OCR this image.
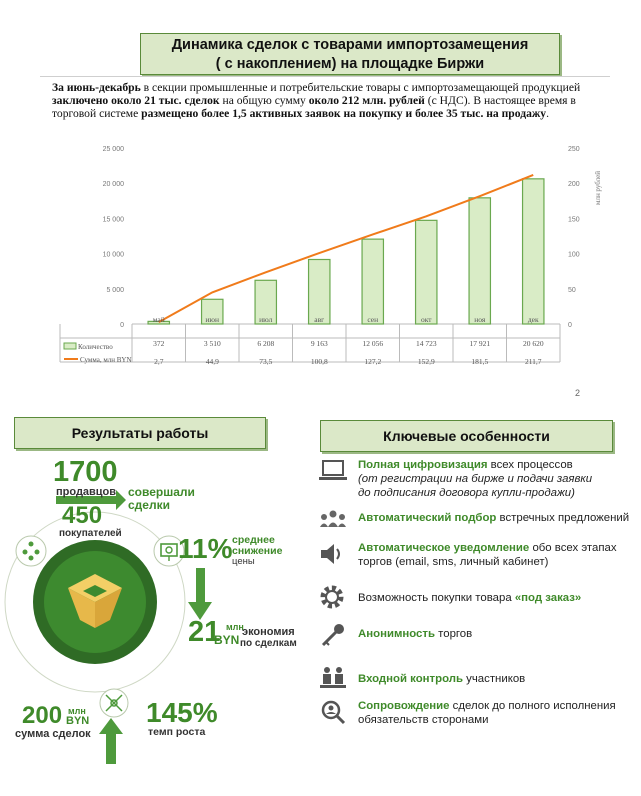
Динамика сделок с товарами импортозамещения
( с накоплением) на площадке Биржи
За июнь-декабрь в секции промышленные и потребительские товары с импортозамещающей продукцией заключено около 21 тыс. сделок на общую сумму около 212 млн. рублей (с НДС). В настоящее время в торговой системе размещено более 1,5 активных заявок на покупку и более 35 тыс. на продажу.
0
5 000
10 000
15 000
20 000
25 000
0
50
100
150
200
250
млн рублей
май	июн	июл	авг	сен	окт	ноя	дек
372	3 510	6 208	9 163	12 056	14 723	17 921	20 620
2,7	44,9	73,5	100,8	127,2	152,9	181,5	211,7
Количество
Сумма, млн BYN
2
Результаты работы
1700
продавцов совершали
сделки
450
покупателей 11% среднее
снижение
цены
21 млн
BYN
экономия
по сделкам
200 млн
BYN
сумма сделок
145%
темп роста
Ключевые особенности
Полная цифровизация всех процессов
(от регистрации на бирже и подачи заявки
до подписания договора купли-продажи)
Автоматический подбор встречных предложений
Автоматическое уведомление обо всех этапах
торгов (email, sms, личный кабинет)
Возможность покупки товара «под заказ»
Анонимность торгов
Входной контроль участников
Сопровождение сделок до полного исполнения
обязательств сторонами
